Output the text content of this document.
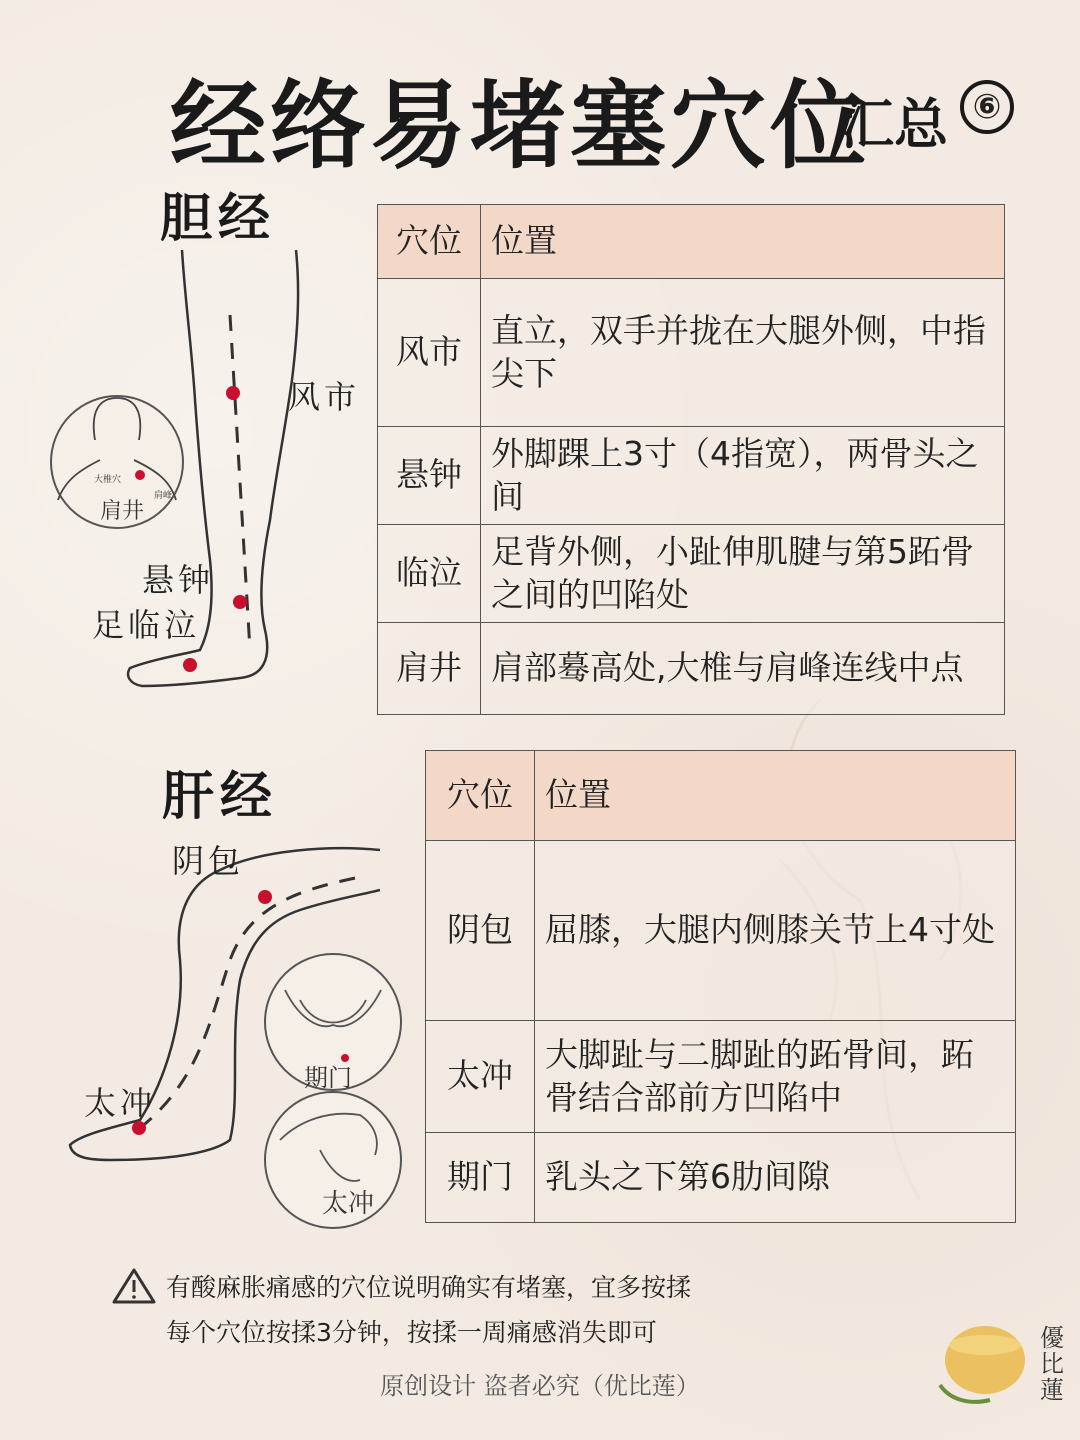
经络易堵塞穴位
汇总 ⑥
胆经
风市
悬钟
足临泣
肩井
大椎穴
肩峰
穴位	位置
风市	直立，双手并拢在大腿外侧，中指尖下
悬钟	外脚踝上3寸（4指宽），两骨头之间
临泣	足背外侧，小趾伸肌腱与第5跖骨之间的凹陷处
肩井	肩部蓦高处,大椎与肩峰连线中点
肝经
阴包
太冲
期门
太冲
穴位	位置
阴包	屈膝，大腿内侧膝关节上4寸处
太冲	大脚趾与二脚趾的跖骨间，跖骨结合部前方凹陷中
期门	乳头之下第6肋间隙
有酸麻胀痛感的穴位说明确实有堵塞，宜多按揉
每个穴位按揉3分钟，按揉一周痛感消失即可
原创设计 盗者必究（优比莲）
優比蓮
